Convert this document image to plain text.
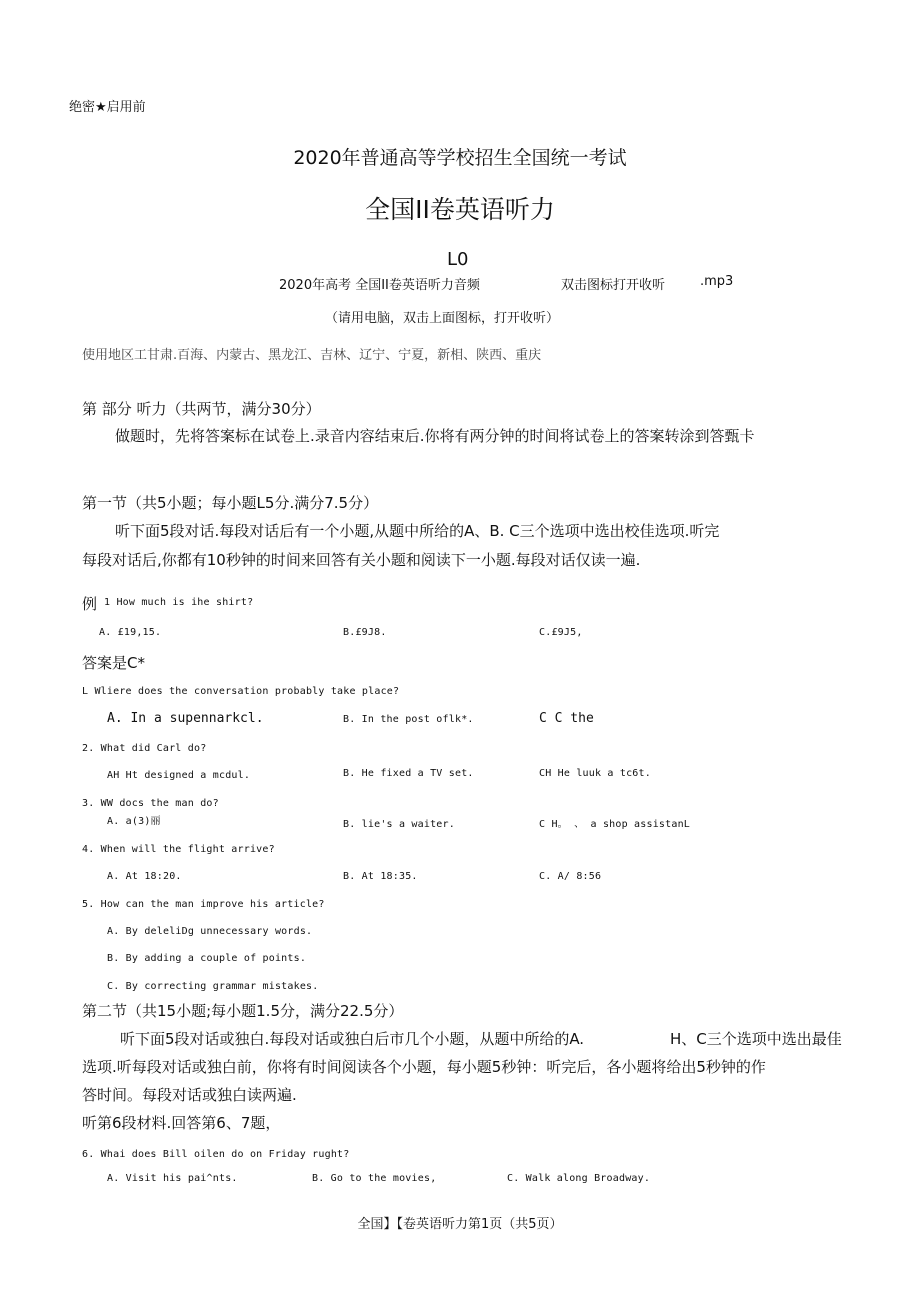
绝密★启用前
2020年普通高等学校招生全国统一考试
全国II卷英语听力
L0
2020年高考 全国II卷英语听力音频	双击图标打开收听	.mp3
（请用电脑，双击上面图标，打开收听）
使用地区工甘肃.百海、内蒙古、黑龙江、吉林、辽宁、宁夏，新相、陕西、重庆
第 部分 听力（共两节，满分30分）
做题时，先将答案标在试卷上.录音内容结束后.你将有两分钟的时间将试卷上的答案转涂到答甄卡
第一节（共5小题；每小题L5分.满分7.5分）
听下面5段对话.每段对话后有一个小题,从题中所给的A、B. C三个选项中选出校佳选项.听完
每段对话后,你都有10秒钟的时间来回答有关小题和阅读下一小题.每段对话仅读一遍.
例 1 How much is ihe shirt?
A. £19,15.	B.£9J8.	C.£9J5,
答案是C*
L Wliere does the conversation probably take place?
A. In a supennarkcl.	B. In the post oflk*.	C C the
2. What did Carl do?
AH Ht designed a mcdul.	B. He fixed a TV set.	CH He luuk a tc6t.
3. WW docs the man do?
A. a(3)丽	B. lie's a waiter.	C H。 、 a shop assistanL
4. When will the flight arrive?
A. At 18:20.	B. At 18:35.	C. A/ 8:56
5. How can the man improve his article?
A. By deleliDg unnecessary words.
B. By adding a couple of points.
C. By correcting grammar mistakes.
第二节（共15小题;每小题1.5分，满分22.5分）
听下面5段对话或独白.每段对话或独白后市几个小题，从题中所给的A.	H、C三个选项中选出最佳
选项.听每段对话或独白前，你将有时间阅读各个小题，每小题5秒钟：听完后，各小题将给出5秒钟的作
答时间。每段对话或独白读两遍.
听第6段材料.回答第6、7题，
6. Whai does Bill oilen do on Friday rught?
A. Visit his pai^nts.	B. Go to the movies,	C. Walk along Broadway.
全国】【卷英语听力第1页（共5页）
